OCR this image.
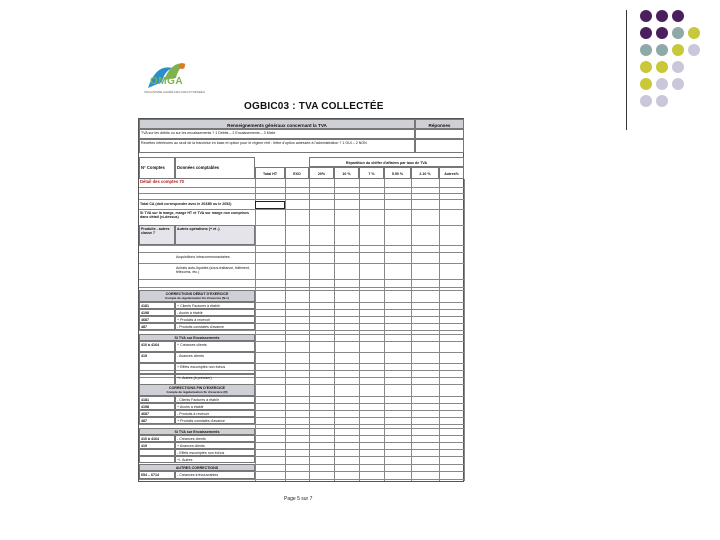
OMGA
ORGANISME AGRÉÉ DES MIDI-PYRÉNÉES
OGBIC03 : TVA COLLECTÉE
Renseignements généraux concernant la TVA	Réponses
TVA sur les débits ou sur les encaissements ? 1 Débits – 2 Encaissements – 3 Mixte
Recettes inférieures au seuil de la franchise en base et option pour le régime réel : lettre d'option adressée à l'administration ? 1 OUI – 2 NON
N° Comptes	Données comptables
Répartition du chiffre d'affaires par taux de TVA
Total HT	EXO	20%	10 %	7 %	5.50 %	2.10 %	Autres%
Détail des comptes 70
Total CA (doit correspondre avec le 2033B ou le 2052)
Si TVA sur la marge, marge HT et TVA sur marge non comprises dans détail (ci-dessus)
Produits - autres classe 7
Autres opérations (+ et -)
Acquisitions intracommunautaires
Achats auto-liquidés (sous-traitance, bâtiment, télécoms, etc.)
CORRECTIONS DÉBUT D'EXERCICE
Compte de régularisation fin d'exercice (N-1)
4181	+ Clients Factures à établir
4198	- Avoirs à établir
4687	+ Produits à recevoir
487	- Produits constatés d'avance
Si TVA sur Encaissements
410 à 4164	+ Créances clients
419	- Avances clients
+ Effets escomptés non échus
+/- Autres (à préciser)
CORRECTIONS FIN D'EXERCICE
Compte de régularisation fin d'exercice (N)
4181	- Clients Factures à établir
4198	+ Avoirs à établir
4687	- Produits à recevoir
487	+ Produits constatés d'avance
Si TVA sur Encaissements
410 à 4164	- Créances clients
419	+ Avances clients
- Effets escomptés non échus
+/- Autres
AUTRES CORRECTIONS
654 – 6714	- Créances irrécouvrables
Page 5 sur 7
